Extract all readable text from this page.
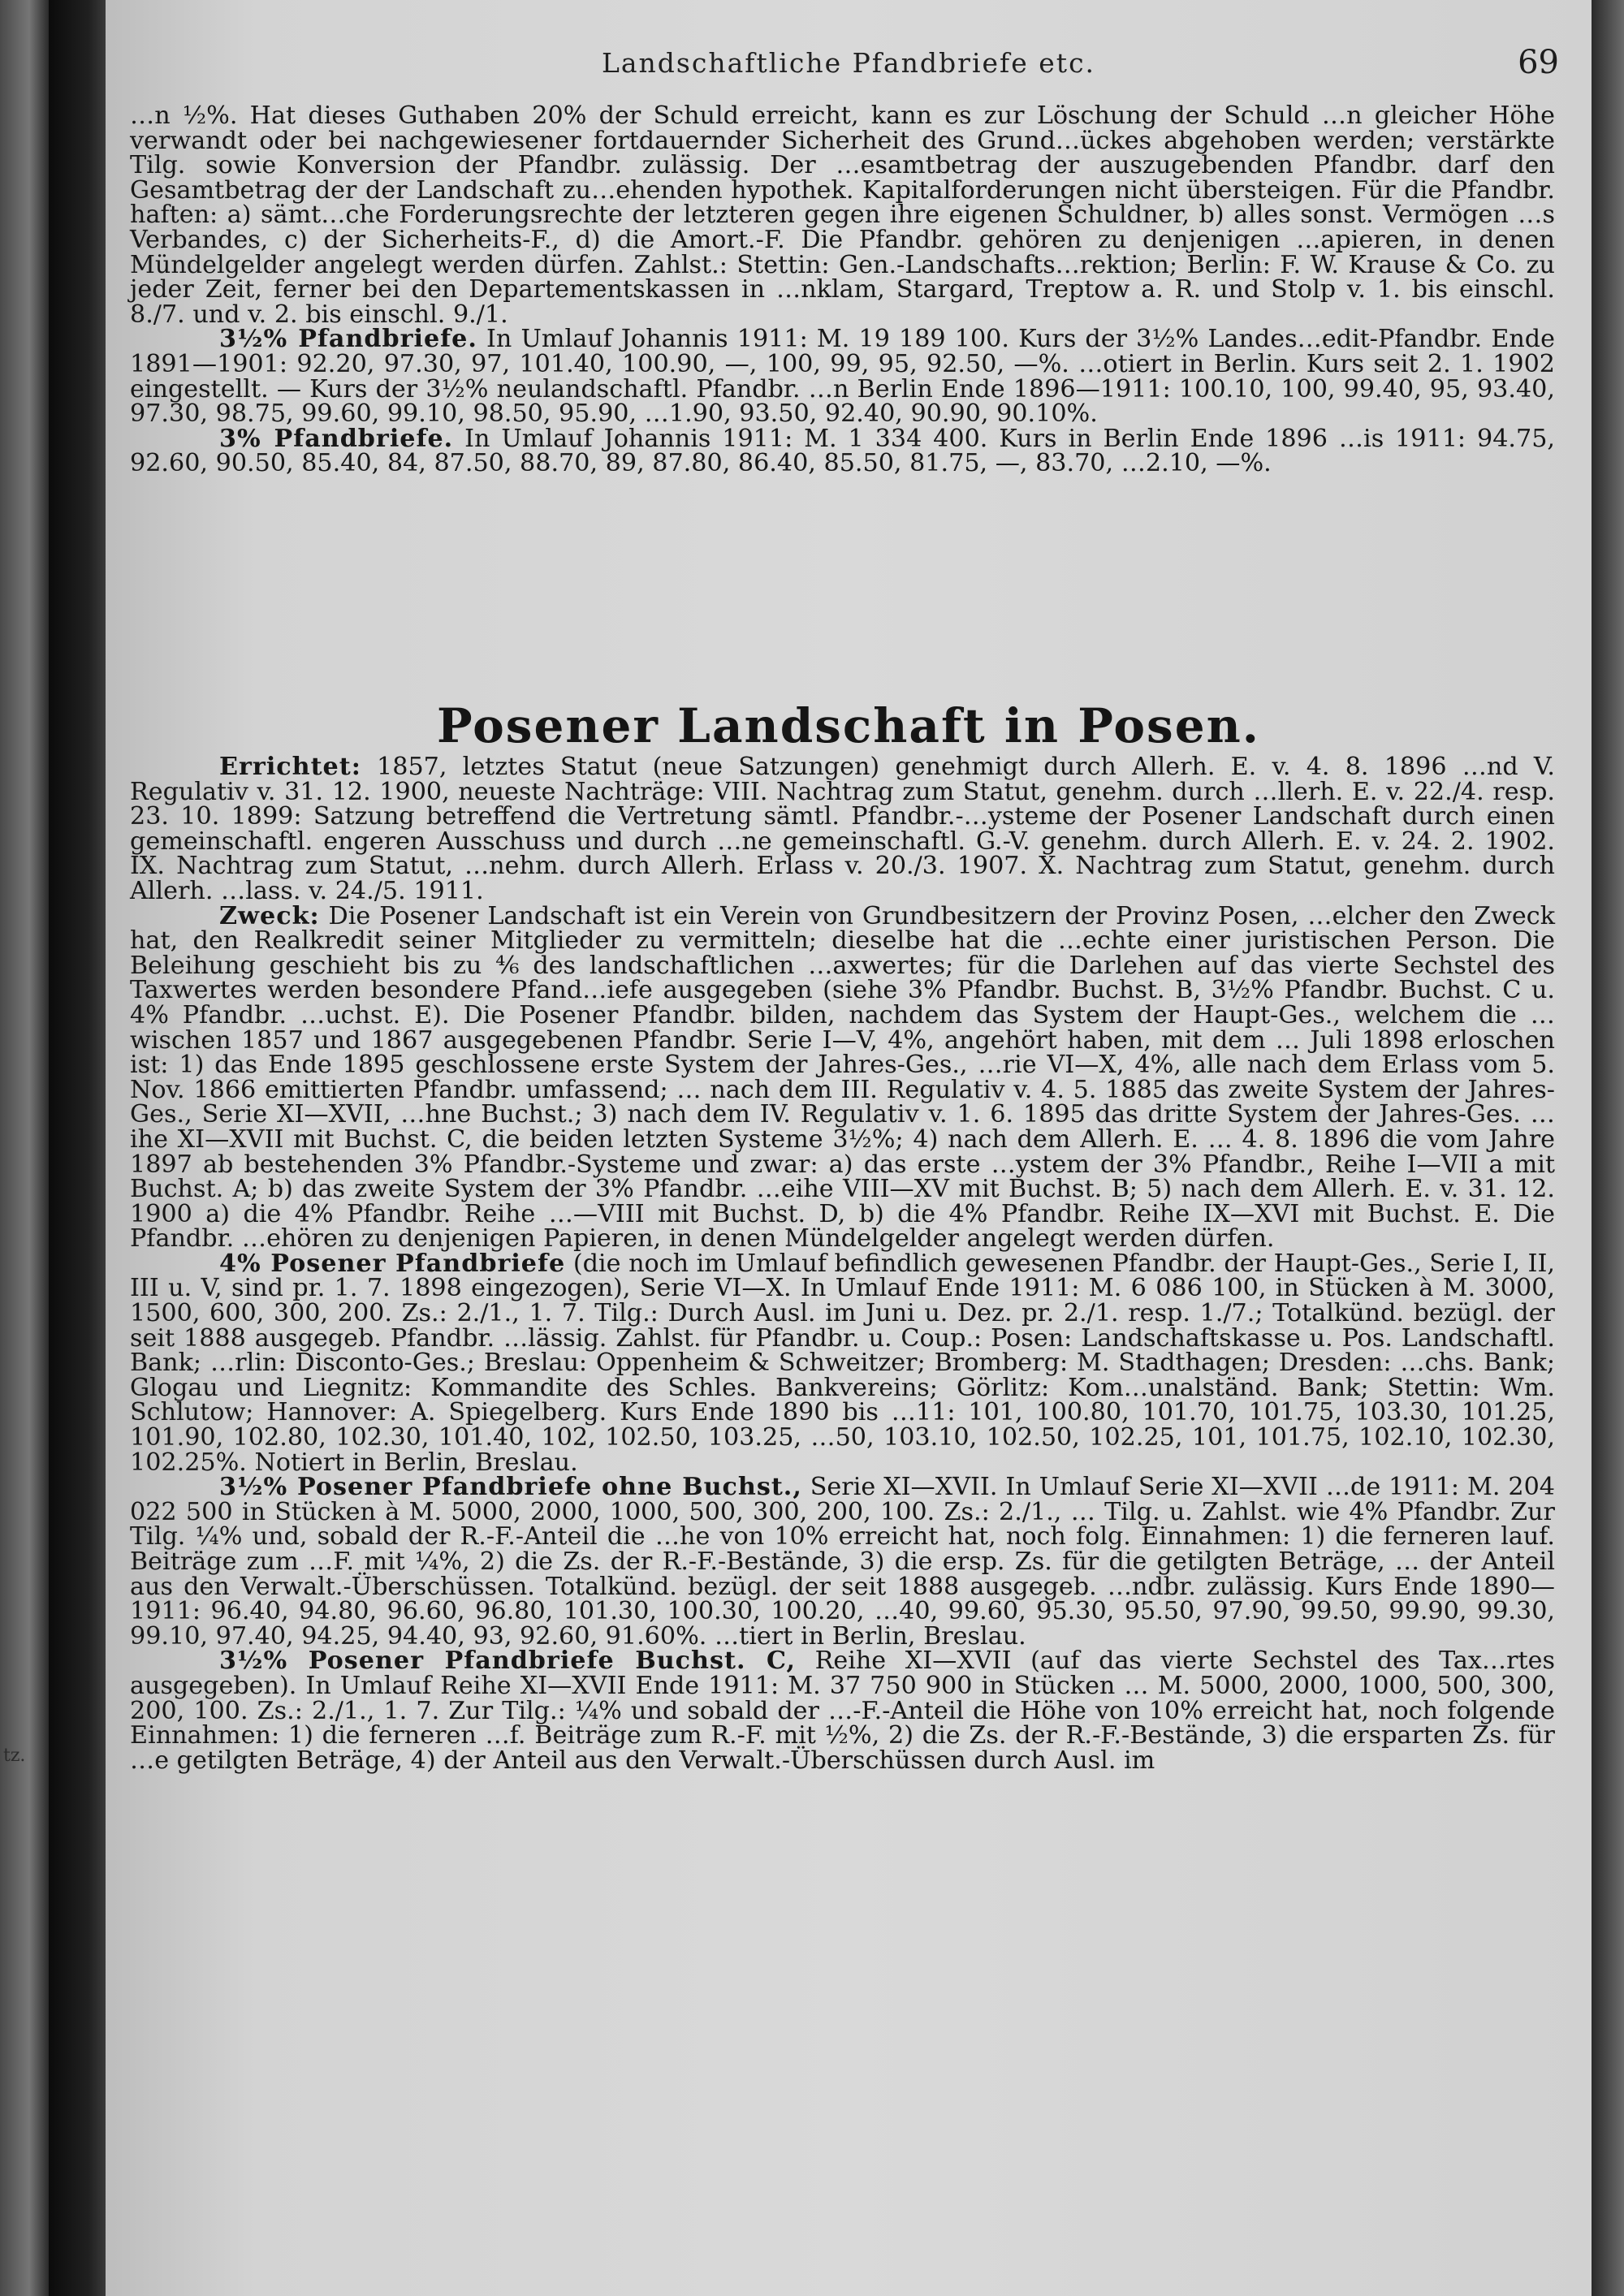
tz.
Landschaftliche Pfandbriefe etc.	69

…n ½%. Hat dieses Guthaben 20% der Schuld erreicht, kann es zur Löschung der Schuld …n gleicher Höhe verwandt oder bei nachgewiesener fortdauernder Sicherheit des Grund…ückes abgehoben werden; verstärkte Tilg. sowie Konversion der Pfandbr. zulässig. Der …esamtbetrag der auszugebenden Pfandbr. darf den Gesamtbetrag der der Landschaft zu…ehenden hypothek. Kapitalforderungen nicht übersteigen. Für die Pfandbr. haften: a) sämt…che Forderungsrechte der letzteren gegen ihre eigenen Schuldner, b) alles sonst. Vermögen …s Verbandes, c) der Sicherheits-F., d) die Amort.-F. Die Pfandbr. gehören zu denjenigen …apieren, in denen Mündelgelder angelegt werden dürfen. Zahlst.: Stettin: Gen.-Landschafts…rektion; Berlin: F. W. Krause & Co. zu jeder Zeit, ferner bei den Departementskassen in …nklam, Stargard, Treptow a. R. und Stolp v. 1. bis einschl. 8./7. und v. 2. bis einschl. 9./1.

3½% Pfandbriefe. In Umlauf Johannis 1911: M. 19 189 100. Kurs der 3½% Landes…edit-Pfandbr. Ende 1891—1901: 92.20, 97.30, 97, 101.40, 100.90, —, 100, 99, 95, 92.50, —%. …otiert in Berlin. Kurs seit 2. 1. 1902 eingestellt. — Kurs der 3½% neulandschaftl. Pfandbr. …n Berlin Ende 1896—1911: 100.10, 100, 99.40, 95, 93.40, 97.30, 98.75, 99.60, 99.10, 98.50, 95.90, …1.90, 93.50, 92.40, 90.90, 90.10%.

3% Pfandbriefe. In Umlauf Johannis 1911: M. 1 334 400. Kurs in Berlin Ende 1896 …is 1911: 94.75, 92.60, 90.50, 85.40, 84, 87.50, 88.70, 89, 87.80, 86.40, 85.50, 81.75, —, 83.70, …2.10, —%.

Posener Landschaft in Posen.

Errichtet: 1857, letztes Statut (neue Satzungen) genehmigt durch Allerh. E. v. 4. 8. 1896 …nd V. Regulativ v. 31. 12. 1900, neueste Nachträge: VIII. Nachtrag zum Statut, genehm. durch …llerh. E. v. 22./4. resp. 23. 10. 1899: Satzung betreffend die Vertretung sämtl. Pfandbr.-…ysteme der Posener Landschaft durch einen gemeinschaftl. engeren Ausschuss und durch …ne gemeinschaftl. G.-V. genehm. durch Allerh. E. v. 24. 2. 1902. IX. Nachtrag zum Statut, …nehm. durch Allerh. Erlass v. 20./3. 1907. X. Nachtrag zum Statut, genehm. durch Allerh. …lass. v. 24./5. 1911.

Zweck: Die Posener Landschaft ist ein Verein von Grundbesitzern der Provinz Posen, …elcher den Zweck hat, den Realkredit seiner Mitglieder zu vermitteln; dieselbe hat die …echte einer juristischen Person. Die Beleihung geschieht bis zu ⁴⁄₆ des landschaftlichen …axwertes; für die Darlehen auf das vierte Sechstel des Taxwertes werden besondere Pfand…iefe ausgegeben (siehe 3% Pfandbr. Buchst. B, 3½% Pfandbr. Buchst. C u. 4% Pfandbr. …uchst. E). Die Posener Pfandbr. bilden, nachdem das System der Haupt-Ges., welchem die …wischen 1857 und 1867 ausgegebenen Pfandbr. Serie I—V, 4%, angehört haben, mit dem … Juli 1898 erloschen ist: 1) das Ende 1895 geschlossene erste System der Jahres-Ges., …rie VI—X, 4%, alle nach dem Erlass vom 5. Nov. 1866 emittierten Pfandbr. umfassend; … nach dem III. Regulativ v. 4. 5. 1885 das zweite System der Jahres-Ges., Serie XI—XVII, …hne Buchst.; 3) nach dem IV. Regulativ v. 1. 6. 1895 das dritte System der Jahres-Ges. …ihe XI—XVII mit Buchst. C, die beiden letzten Systeme 3½%; 4) nach dem Allerh. E. … 4. 8. 1896 die vom Jahre 1897 ab bestehenden 3% Pfandbr.-Systeme und zwar: a) das erste …ystem der 3% Pfandbr., Reihe I—VII a mit Buchst. A; b) das zweite System der 3% Pfandbr. …eihe VIII—XV mit Buchst. B; 5) nach dem Allerh. E. v. 31. 12. 1900 a) die 4% Pfandbr. Reihe …—VIII mit Buchst. D, b) die 4% Pfandbr. Reihe IX—XVI mit Buchst. E. Die Pfandbr. …ehören zu denjenigen Papieren, in denen Mündelgelder angelegt werden dürfen.

4% Posener Pfandbriefe (die noch im Umlauf befindlich gewesenen Pfandbr. der Haupt-Ges., Serie I, II, III u. V, sind pr. 1. 7. 1898 eingezogen), Serie VI—X. In Umlauf Ende 1911: M. 6 086 100, in Stücken à M. 3000, 1500, 600, 300, 200. Zs.: 2./1., 1. 7. Tilg.: Durch Ausl. im Juni u. Dez. pr. 2./1. resp. 1./7.; Totalkünd. bezügl. der seit 1888 ausgegeb. Pfandbr. …lässig. Zahlst. für Pfandbr. u. Coup.: Posen: Landschaftskasse u. Pos. Landschaftl. Bank; …rlin: Disconto-Ges.; Breslau: Oppenheim & Schweitzer; Bromberg: M. Stadthagen; Dresden: …chs. Bank; Glogau und Liegnitz: Kommandite des Schles. Bankvereins; Görlitz: Kom…unalständ. Bank; Stettin: Wm. Schlutow; Hannover: A. Spiegelberg. Kurs Ende 1890 bis …11: 101, 100.80, 101.70, 101.75, 103.30, 101.25, 101.90, 102.80, 102.30, 101.40, 102, 102.50, 103.25, …50, 103.10, 102.50, 102.25, 101, 101.75, 102.10, 102.30, 102.25%. Notiert in Berlin, Breslau.

3½% Posener Pfandbriefe ohne Buchst., Serie XI—XVII. In Umlauf Serie XI—XVII …de 1911: M. 204 022 500 in Stücken à M. 5000, 2000, 1000, 500, 300, 200, 100. Zs.: 2./1., … Tilg. u. Zahlst. wie 4% Pfandbr. Zur Tilg. ¼% und, sobald der R.-F.-Anteil die …he von 10% erreicht hat, noch folg. Einnahmen: 1) die ferneren lauf. Beiträge zum …F. mit ¼%, 2) die Zs. der R.-F.-Bestände, 3) die ersp. Zs. für die getilgten Beträge, … der Anteil aus den Verwalt.-Überschüssen. Totalkünd. bezügl. der seit 1888 ausgegeb. …ndbr. zulässig. Kurs Ende 1890—1911: 96.40, 94.80, 96.60, 96.80, 101.30, 100.30, 100.20, …40, 99.60, 95.30, 95.50, 97.90, 99.50, 99.90, 99.30, 99.10, 97.40, 94.25, 94.40, 93, 92.60, 91.60%. …tiert in Berlin, Breslau.

3½% Posener Pfandbriefe Buchst. C, Reihe XI—XVII (auf das vierte Sechstel des Tax…rtes ausgegeben). In Umlauf Reihe XI—XVII Ende 1911: M. 37 750 900 in Stücken … M. 5000, 2000, 1000, 500, 300, 200, 100. Zs.: 2./1., 1. 7. Zur Tilg.: ¼% und sobald der …-F.-Anteil die Höhe von 10% erreicht hat, noch folgende Einnahmen: 1) die ferneren …f. Beiträge zum R.-F. mit ½%, 2) die Zs. der R.-F.-Bestände, 3) die ersparten Zs. für …e getilgten Beträge, 4) der Anteil aus den Verwalt.-Überschüssen durch Ausl. im
